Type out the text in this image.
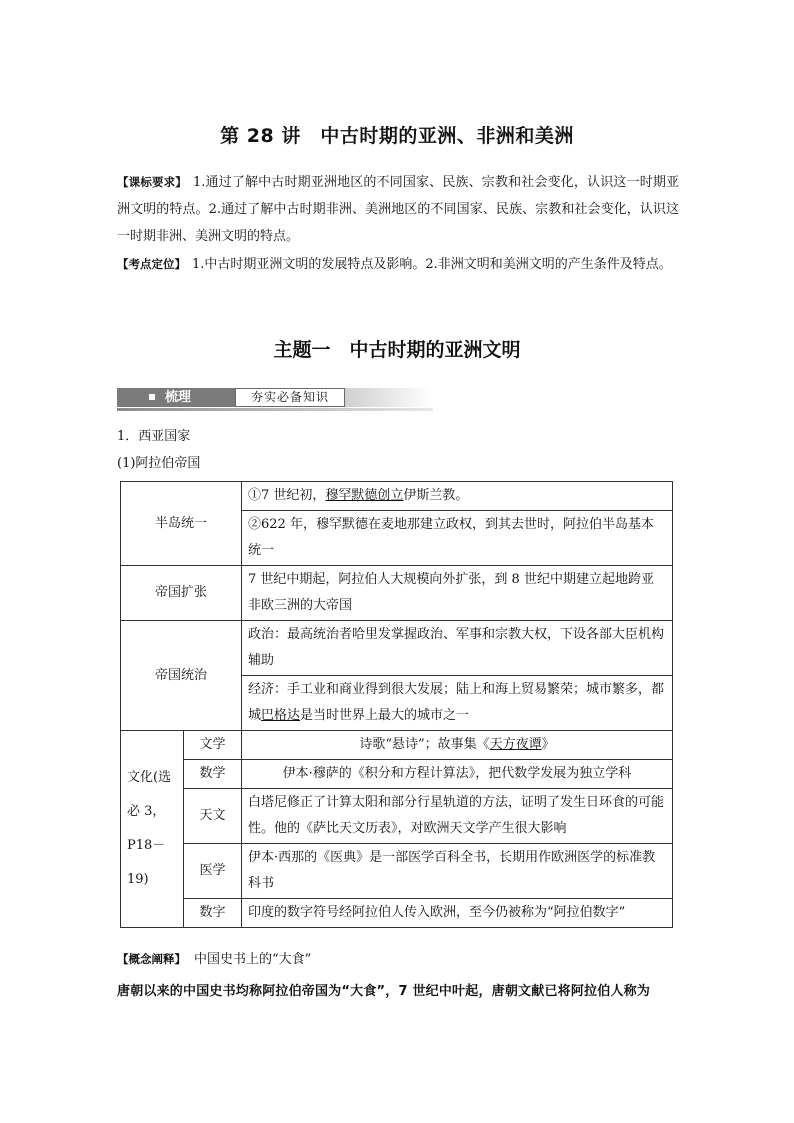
第 28 讲　中古时期的亚洲、非洲和美洲
【课标要求】 1.通过了解中古时期亚洲地区的不同国家、民族、宗教和社会变化，认识这一时期亚洲文明的特点。2.通过了解中古时期非洲、美洲地区的不同国家、民族、宗教和社会变化，认识这一时期非洲、美洲文明的特点。
【考点定位】 1.中古时期亚洲文明的发展特点及影响。2.非洲文明和美洲文明的产生条件及特点。
主题一　中古时期的亚洲文明
梳理	夯实必备知识
1．西亚国家
(1)阿拉伯帝国
半岛统一		①7 世纪初，穆罕默德创立伊斯兰教。
		②622 年，穆罕默德在麦地那建立政权，到其去世时，阿拉伯半岛基本统一
帝国扩张		7 世纪中期起，阿拉伯人大规模向外扩张，到 8 世纪中期建立起地跨亚非欧三洲的大帝国
帝国统治		政治：最高统治者哈里发掌握政治、军事和宗教大权，下设各部大臣机构辅助
		经济：手工业和商业得到很大发展；陆上和海上贸易繁荣；城市繁多，都城巴格达是当时世界上最大的城市之一
文化(选必 3，P18－19)	文学	诗歌“悬诗”；故事集《天方夜谭》
	数学	伊本·穆萨的《积分和方程计算法》，把代数学发展为独立学科
	天文	白塔尼修正了计算太阳和部分行星轨道的方法，证明了发生日环食的可能性。他的《萨比天文历表》，对欧洲天文学产生很大影响
	医学	伊本·西那的《医典》是一部医学百科全书，长期用作欧洲医学的标准教科书
	数字	印度的数字符号经阿拉伯人传入欧洲，至今仍被称为“阿拉伯数字”
【概念阐释】 中国史书上的“大食”
唐朝以来的中国史书均称阿拉伯帝国为“大食”，7 世纪中叶起，唐朝文献已将阿拉伯人称为
